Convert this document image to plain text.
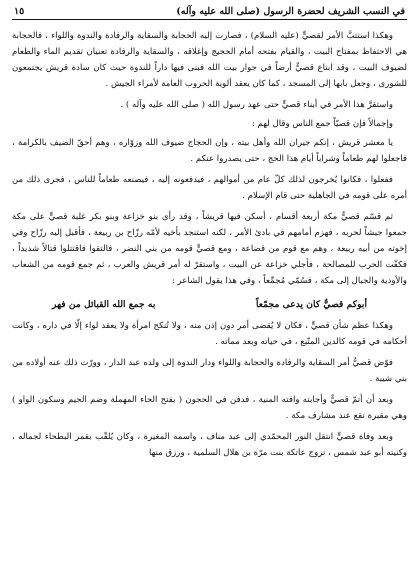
في النسب الشريف لحضرة الرسول (صلى الله عليه وآله)
١٥

وهكذا استتبَّ الأمر لقصيٍّ (عليه السلام) ، فصارت إليه الحجابة والسقاية والرفادة والندوة واللواء ، فالحجابة هي الاحتفاظ بمفتاح البيت ، والقيام بفتحه أمام الحجيج وإغلاقه ، والسقاية والرفادة تعنيان تقديم الماء والطعام لضيوف البيت ، وقد ابتاع قصيٌّ أرضاً في جوار بيت الله فبنى فيها داراً للندوة حيث كان سادة قريش يجتمعون للشورى ، وجعل بابها إلى المسجد ، كما كان يعقد ألوية الحروب العامة لأمراء الجيش .

واستقرَّ هذا الأمر في أبناء قصيٍّ حتى عهد رسول الله ( صلى الله عليه وآله ) .

وإجمالاً فإن قصيّاً جمع الناس وقال لهم :

يا معشر قريش ، إنكم جيران الله وأهل بيته ، وإن الحجاج ضيوف الله وزوّاره ، وهم أحقّ الضيف بالكرامة ، فاجعلوا لهم طعاماً وشراباً أيام هذا الحج ، حتى يصدروا عنكم .

ففعلوا ، فكانوا يُخرجون لذلك كلّ عام من أموالهم ، فيدفعونه إليه ، فيصنعه طعاماً للناس ، فجرى ذلك من أمره على قومه في الجاهلية حتى قام الإسلام .

ثم قسّم قصيٌّ مكة أربعة أقسام ، أسكن فيها قريشاً ، وقد رأى بنو خزاعة وبنو بكر غلبة قصيٍّ على مكة جمعوا جيشاً لحربه ، فهزم أمامهم في بادئ الأمر ، لكنه استنجد بأخيه لأمّه رزّاح بن ربيعة ، فأقبل إليه رزّاح وفي إخوته من أبيه ربيعة ، وهم مع قوم من قضاعة ، ومع قصيٍّ قومه من بني النضر ، فالتقوا فاقتتلوا قتالاً شديداً ، فكفّت الحرب للمصالحة ، فأجلي خزاعة عن البيت ، واستقرّ له أمر قريش والعرب ، ثم جمع قومه من الشعاب والأودية والجبال إلى مكة ، فسُمّي مُجمِّعاً ، وفي هذا يقول الشاعر :

أبوكم قصيٌّ كان يدعى مجمّعاً
به جمع الله القبائل من فهر

وهكذا عظم شأن قصيٍّ ، فكان لا يُقضى أمر دون إذن منه ، ولا تُنكح امرأة ولا يعقد لواء إلّا في داره ، وكانت أحكامه في قومه كالدين المتّبع ، في حياته وبعد مماته .

فوّض قصيٌّ أمر السقاية والرفادة والحجابة واللواء ودار الندوة إلى ولده عبد الدار ، وورّث ذلك عنه أولاده من بني شيبة .

وبعد أن أتمّ قصيٌّ وأجابته وافته المنية ، فدفن في الحجون ( بفتح الحاء المهملة وضم الجيم وسكون الواو ) وهي مقبرة تقع عند مشارف مكة .

وبعد وفاة قصيٍّ انتقل النور المحمّدي إلى عبد مناف ، واسمه المغيرة ، وكان يُلقّب بقمر البطحاء لجماله ، وكنيته أبو عبد شمس ، تزوج عاتكة بنت مرّة بن هلال السلمية ، ورزق منها
